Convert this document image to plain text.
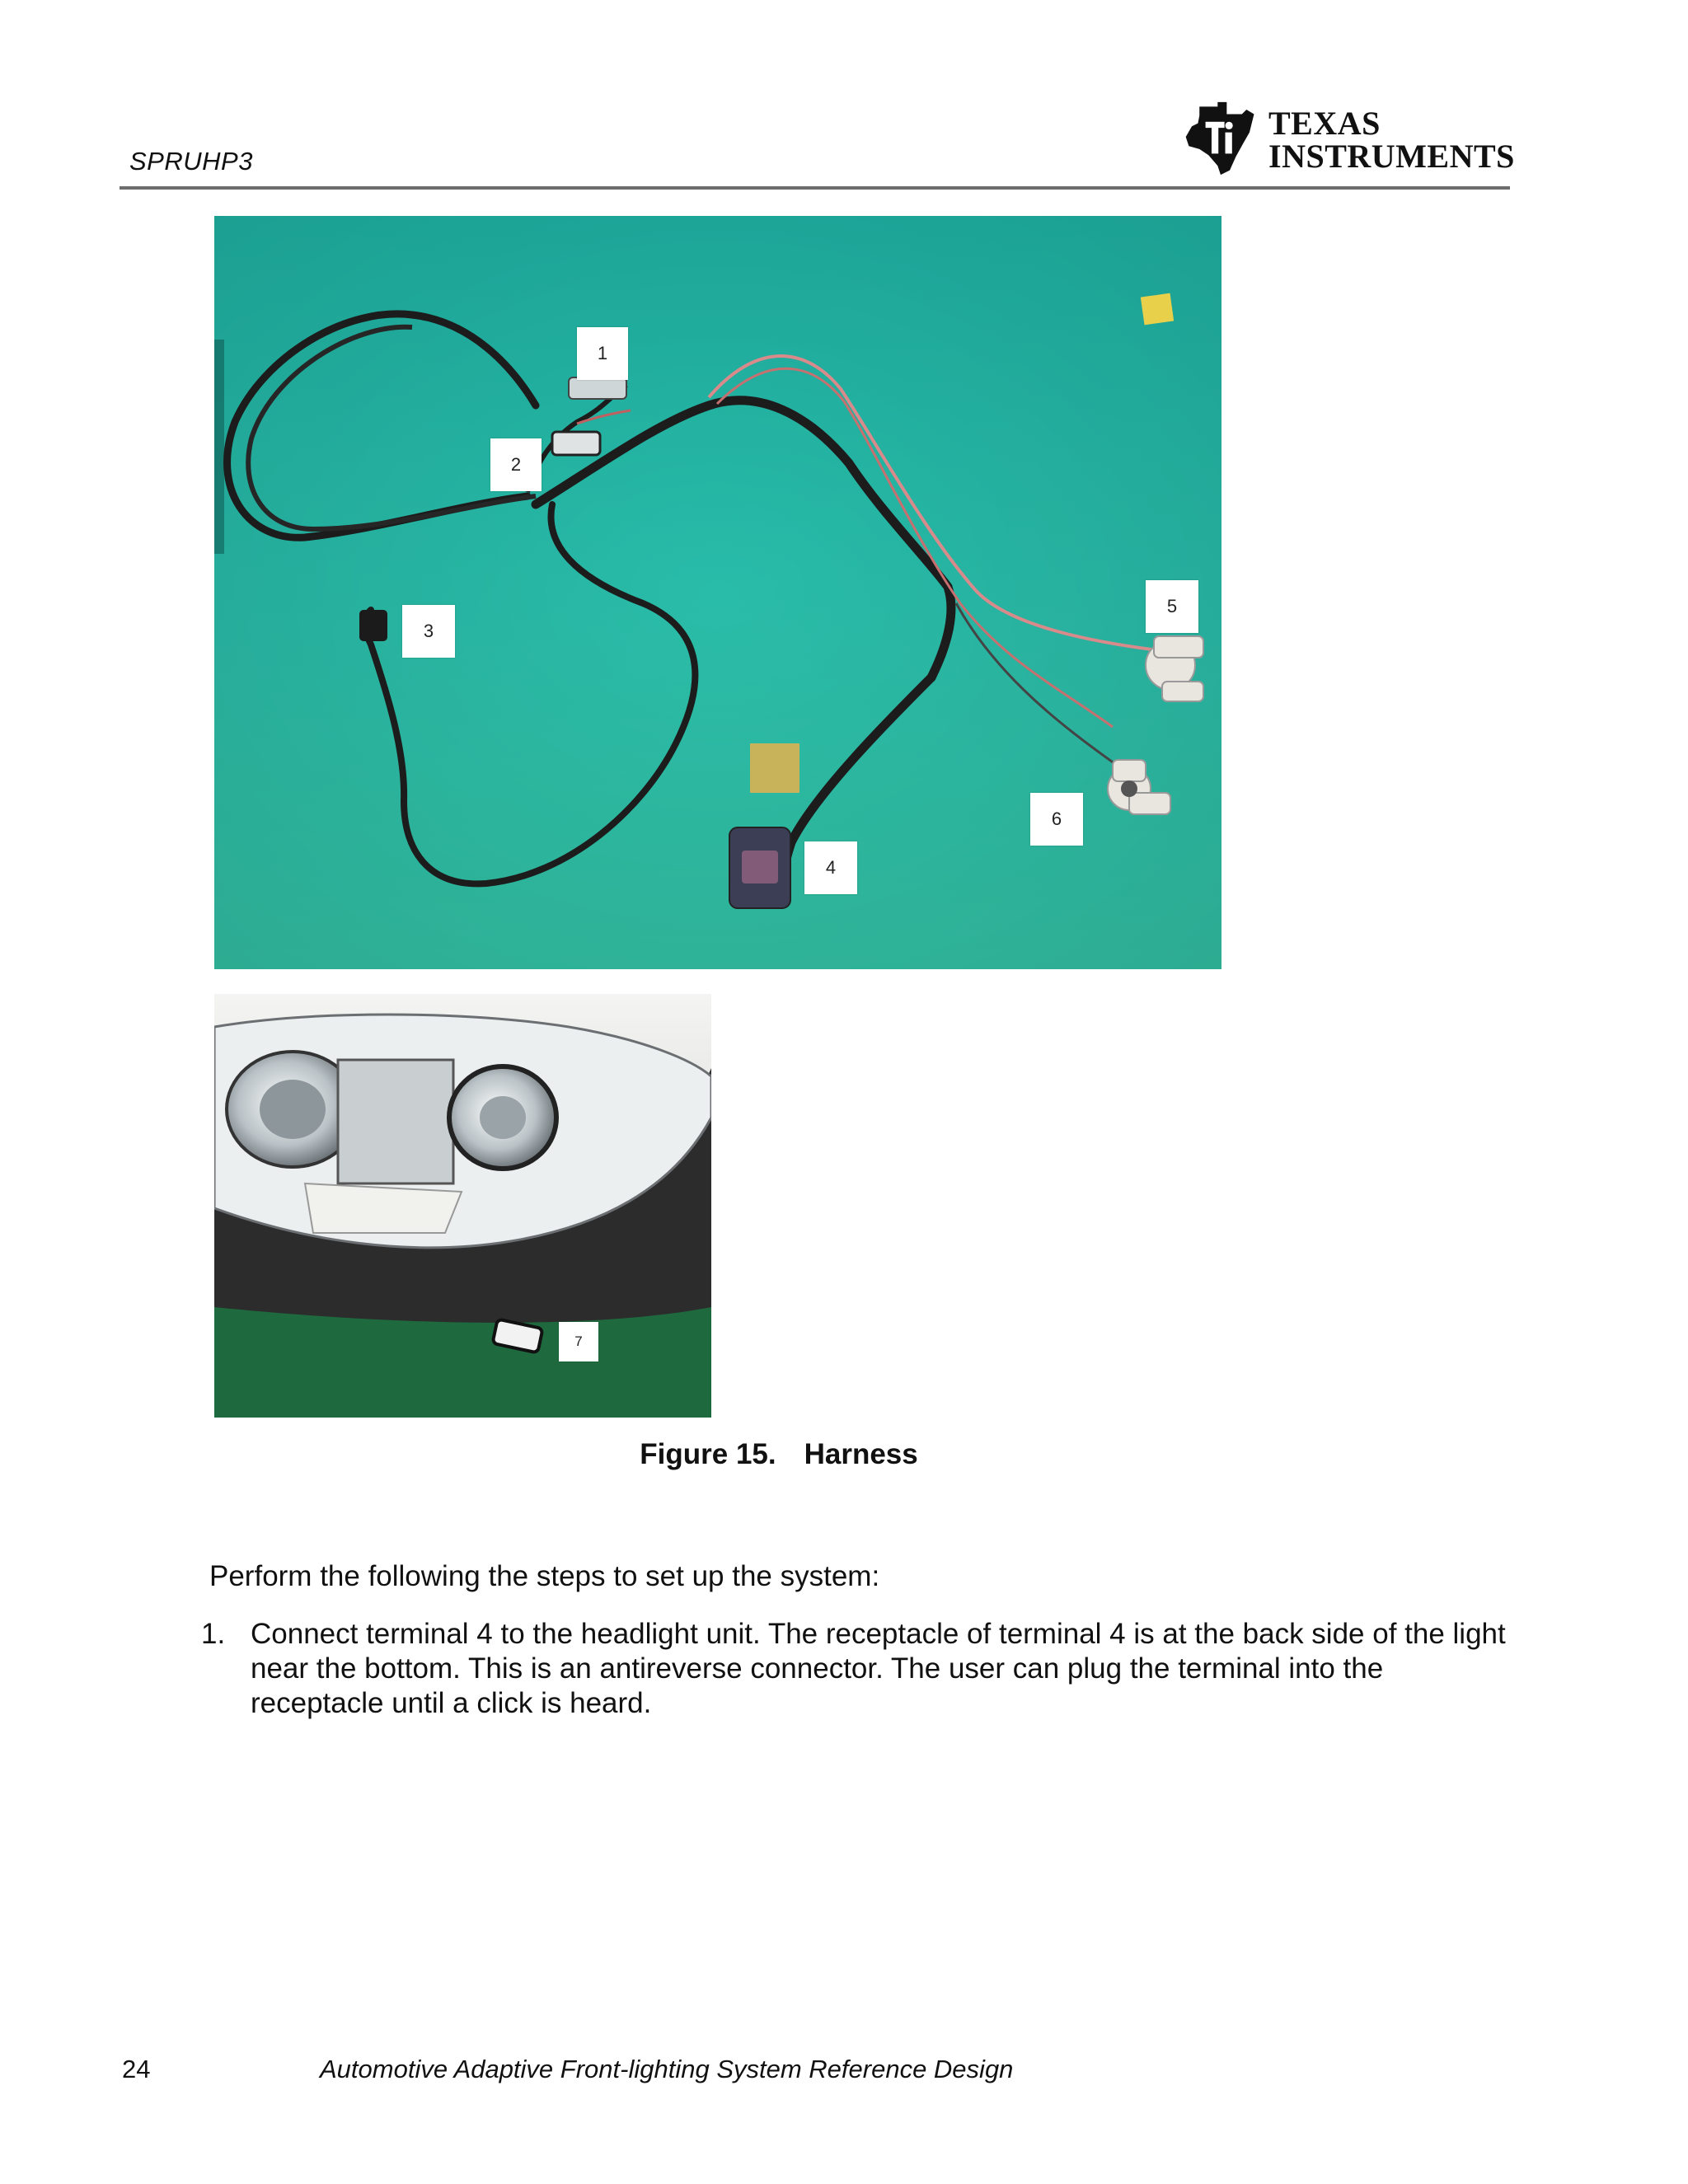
SPRUHP3
TEXAS
INSTRUMENTS
1
2
3
4
5
6
7
Figure 15. Harness
Perform the following the steps to set up the system:
1. Connect terminal 4 to the headlight unit. The receptacle of terminal 4 is at the back side of the light near the bottom. This is an antireverse connector. The user can plug the terminal into the receptacle until a click is heard.
24	Automotive Adaptive Front-lighting System Reference Design
